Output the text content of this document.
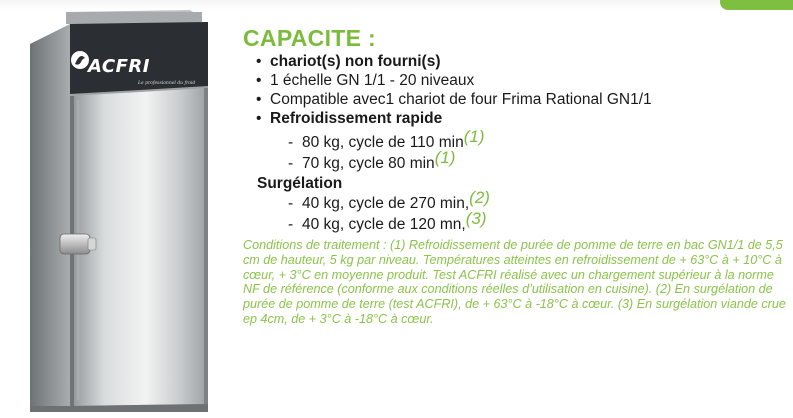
ACFRI
Le professionnel du froid
CAPACITE :
• chariot(s) non fourni(s)
• 1 échelle GN 1/1 - 20 niveaux
• Compatible avec1 chariot de four Frima Rational GN1/1
• Refroidissement rapide
- 80 kg, cycle de 110 min(1)
- 70 kg, cycle 80 min(1)
Surgélation
- 40 kg, cycle de 270 min,(2)
- 40 kg, cycle de 120 mn,(3)

Conditions de traitement : (1) Refroidissement de purée de pomme de terre en bac GN1/1 de 5,5 cm de hauteur, 5 kg par niveau. Températures atteintes en refroidissement de + 63°C à + 10°C à cœur, + 3°C en moyenne produit. Test ACFRI réalisé avec un chargement supérieur à la norme NF de référence (conforme aux conditions réelles d’utilisation en cuisine). (2) En surgélation de purée de pomme de terre (test ACFRI), de + 63°C à -18°C à cœur. (3) En surgélation viande crue ep 4cm, de + 3°C à -18°C à cœur.
